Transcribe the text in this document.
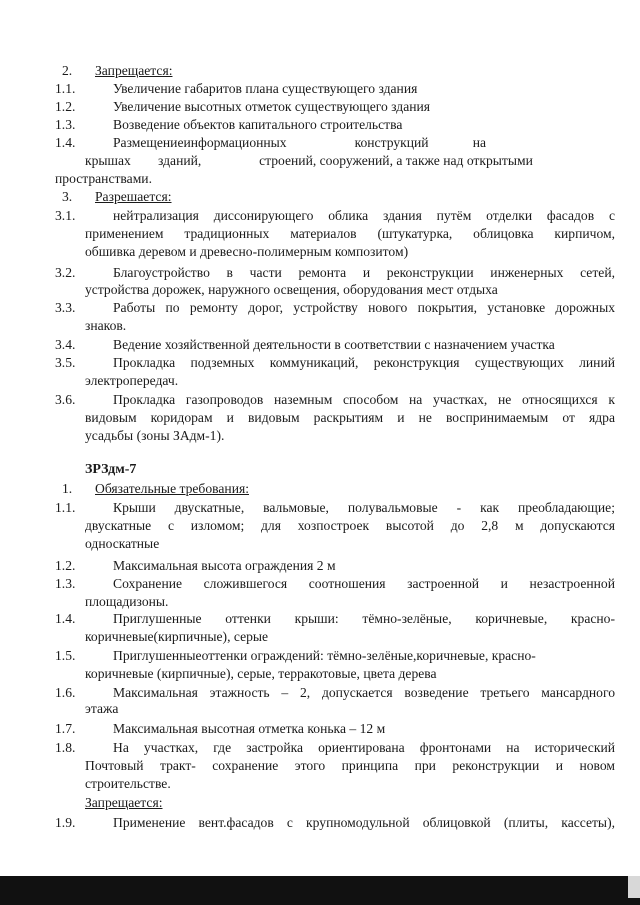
2. Запрещается:
1.1.	Увеличение габаритов плана существующего здания
1.2.	Увеличение высотных отметок существующего здания
1.3.	Возведение объектов капитального строительства
1.4.	Размещениеинформационных                    конструкций             на
крышах        зданий,                 строений, сооружений, а также над открытыми
пространствами.
3. Разрешается:
3.1.	нейтрализация диссонирующего облика здания путём отделки фасадов с
применением традиционных материалов (штукатурка, облицовка кирпичом,
обшивка деревом и древесно-полимерным композитом)
3.2.	Благоустройство в части ремонта и реконструкции инженерных сетей,
устройства дорожек, наружного освещения, оборудования мест отдыха
3.3.	Работы по ремонту дорог, устройству нового покрытия, установке дорожных
знаков.
3.4.	Ведение хозяйственной деятельности в соответствии с назначением участка
3.5.	Прокладка подземных коммуникаций, реконструкция существующих линий
электропередач.
3.6.	Прокладка газопроводов наземным способом на участках, не относящихся к
видовым коридорам и видовым раскрытиям и не воспринимаемым от ядра
усадьбы (зоны ЗАдм-1).
ЗРЗдм-7
1. Обязательные требования:
1.1.	Крыши двускатные, вальмовые, полувальмовые - как преобладающие;
двускатные с изломом; для хозпостроек высотой до 2,8 м допускаются
односкатные
1.2.	Максимальная высота ограждения 2 м
1.3.	Сохранение сложившегося соотношения застроенной и незастроенной
площадизоны.
1.4.	Приглушенные оттенки крыши: тёмно-зелёные, коричневые, красно-
коричневые(кирпичные), серые
1.5.	Приглушенныеоттенки ограждений: тёмно-зелёные,коричневые, красно-
коричневые (кирпичные), серые, терракотовые, цвета дерева
1.6.	Максимальная этажность – 2, допускается возведение третьего мансардного
этажа
1.7.	Максимальная высотная отметка конька – 12 м
1.8.	На участках, где застройка ориентирована фронтонами на исторический
Почтовый тракт- сохранение этого принципа при реконструкции и новом
строительстве.
Запрещается:
1.9.	Применение вент.фасадов с крупномодульной облицовкой (плиты, кассеты),
